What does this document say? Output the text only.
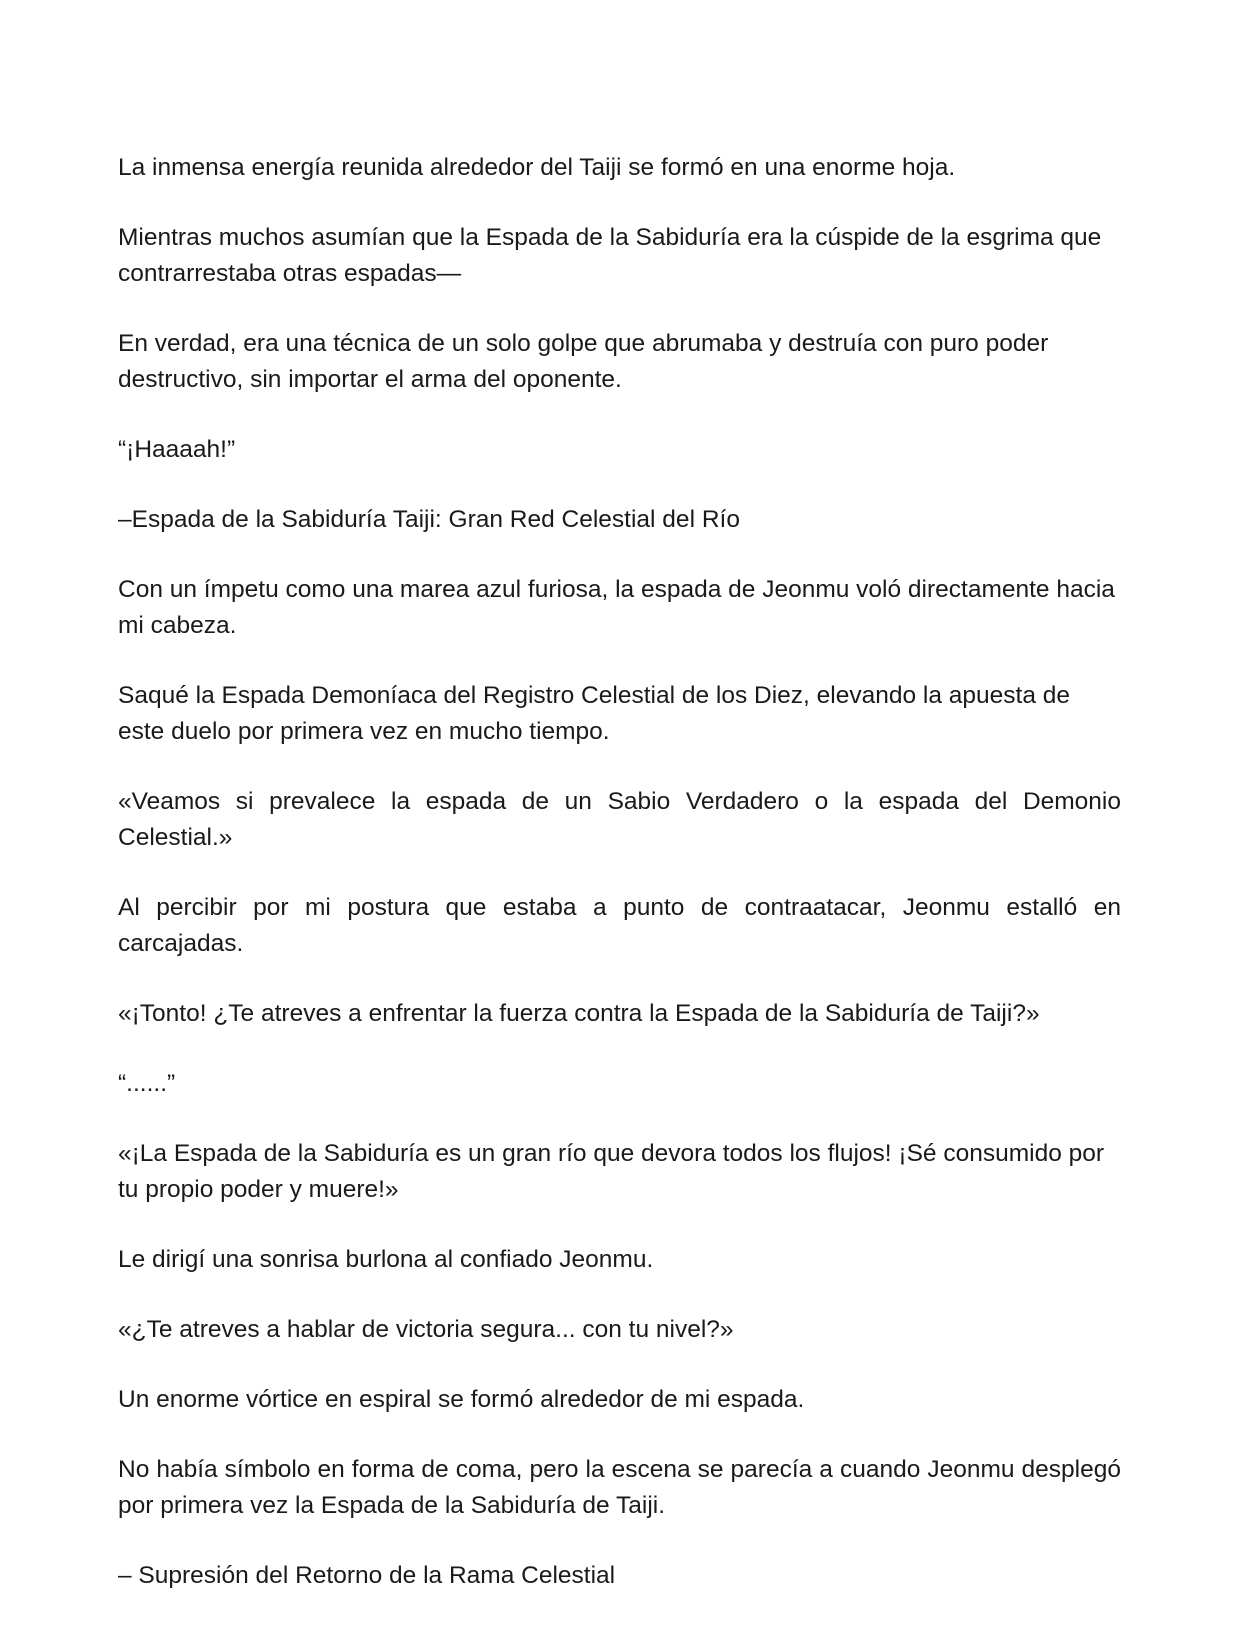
La inmensa energía reunida alrededor del Taiji se formó en una enorme hoja.

Mientras muchos asumían que la Espada de la Sabiduría era la cúspide de la esgrima que contrarrestaba otras espadas—

En verdad, era una técnica de un solo golpe que abrumaba y destruía con puro poder destructivo, sin importar el arma del oponente.

“¡Haaaah!”

–Espada de la Sabiduría Taiji: Gran Red Celestial del Río

Con un ímpetu como una marea azul furiosa, la espada de Jeonmu voló directamente hacia mi cabeza.

Saqué la Espada Demoníaca del Registro Celestial de los Diez, elevando la apuesta de este duelo por primera vez en mucho tiempo.

«Veamos si prevalece la espada de un Sabio Verdadero o la espada del Demonio Celestial.»

Al percibir por mi postura que estaba a punto de contraatacar, Jeonmu estalló en carcajadas.

«¡Tonto! ¿Te atreves a enfrentar la fuerza contra la Espada de la Sabiduría de Taiji?»

“......”

«¡La Espada de la Sabiduría es un gran río que devora todos los flujos! ¡Sé consumido por tu propio poder y muere!»

Le dirigí una sonrisa burlona al confiado Jeonmu.

«¿Te atreves a hablar de victoria segura... con tu nivel?»

Un enorme vórtice en espiral se formó alrededor de mi espada.

No había símbolo en forma de coma, pero la escena se parecía a cuando Jeonmu desplegó por primera vez la Espada de la Sabiduría de Taiji.

– Supresión del Retorno de la Rama Celestial
